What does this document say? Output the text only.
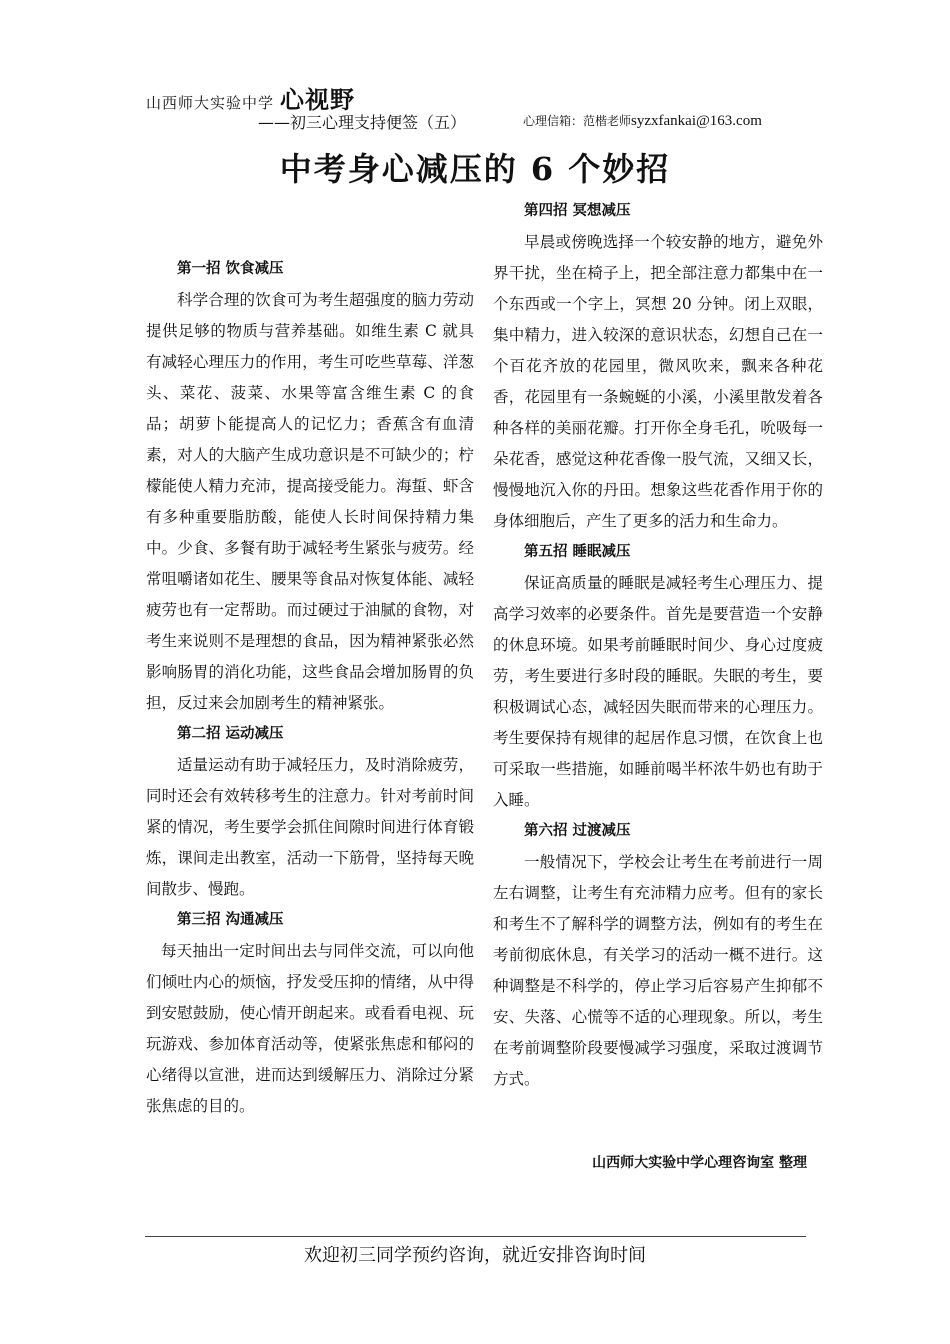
山西师大实验中学 心视野
——初三心理支持便签（五）	心理信箱：范楷老师syzxfankai@163.com
中考身心减压的 6 个妙招

第一招 饮食减压

科学合理的饮食可为考生超强度的脑力劳动提供足够的物质与营养基础。如维生素 C 就具有减轻心理压力的作用，考生可吃些草莓、洋葱头、菜花、菠菜、水果等富含维生素 C 的食品；胡萝卜能提高人的记忆力；香蕉含有血清素，对人的大脑产生成功意识是不可缺少的；柠檬能使人精力充沛，提高接受能力。海蜇、虾含有多种重要脂肪酸，能使人长时间保持精力集中。少食、多餐有助于减轻考生紧张与疲劳。经常咀嚼诸如花生、腰果等食品对恢复体能、减轻疲劳也有一定帮助。而过硬过于油腻的食物，对考生来说则不是理想的食品，因为精神紧张必然影响肠胃的消化功能，这些食品会增加肠胃的负担，反过来会加剧考生的精神紧张。

第二招 运动减压

适量运动有助于减轻压力，及时消除疲劳，同时还会有效转移考生的注意力。针对考前时间紧的情况，考生要学会抓住间隙时间进行体育锻炼，课间走出教室，活动一下筋骨，坚持每天晚间散步、慢跑。

第三招 沟通减压

每天抽出一定时间出去与同伴交流，可以向他们倾吐内心的烦恼，抒发受压抑的情绪，从中得到安慰鼓励，使心情开朗起来。或看看电视、玩玩游戏、参加体育活动等，使紧张焦虑和郁闷的心绪得以宣泄，进而达到缓解压力、消除过分紧张焦虑的目的。

第四招 冥想减压

早晨或傍晚选择一个较安静的地方，避免外界干扰，坐在椅子上，把全部注意力都集中在一个东西或一个字上，冥想 20 分钟。闭上双眼，集中精力，进入较深的意识状态，幻想自己在一个百花齐放的花园里，微风吹来，飘来各种花香，花园里有一条蜿蜒的小溪，小溪里散发着各种各样的美丽花瓣。打开你全身毛孔，吮吸每一朵花香，感觉这种花香像一股气流，又细又长，慢慢地沉入你的丹田。想象这些花香作用于你的身体细胞后，产生了更多的活力和生命力。

第五招 睡眠减压

保证高质量的睡眠是减轻考生心理压力、提高学习效率的必要条件。首先是要营造一个安静的休息环境。如果考前睡眠时间少、身心过度疲劳，考生要进行多时段的睡眠。失眠的考生，要积极调试心态，减轻因失眠而带来的心理压力。考生要保持有规律的起居作息习惯，在饮食上也可采取一些措施，如睡前喝半杯浓牛奶也有助于入睡。

第六招 过渡减压

一般情况下，学校会让考生在考前进行一周左右调整，让考生有充沛精力应考。但有的家长和考生不了解科学的调整方法，例如有的考生在考前彻底休息，有关学习的活动一概不进行。这种调整是不科学的，停止学习后容易产生抑郁不安、失落、心慌等不适的心理现象。所以，考生在考前调整阶段要慢减学习强度，采取过渡调节方式。

山西师大实验中学心理咨询室 整理
欢迎初三同学预约咨询，就近安排咨询时间
